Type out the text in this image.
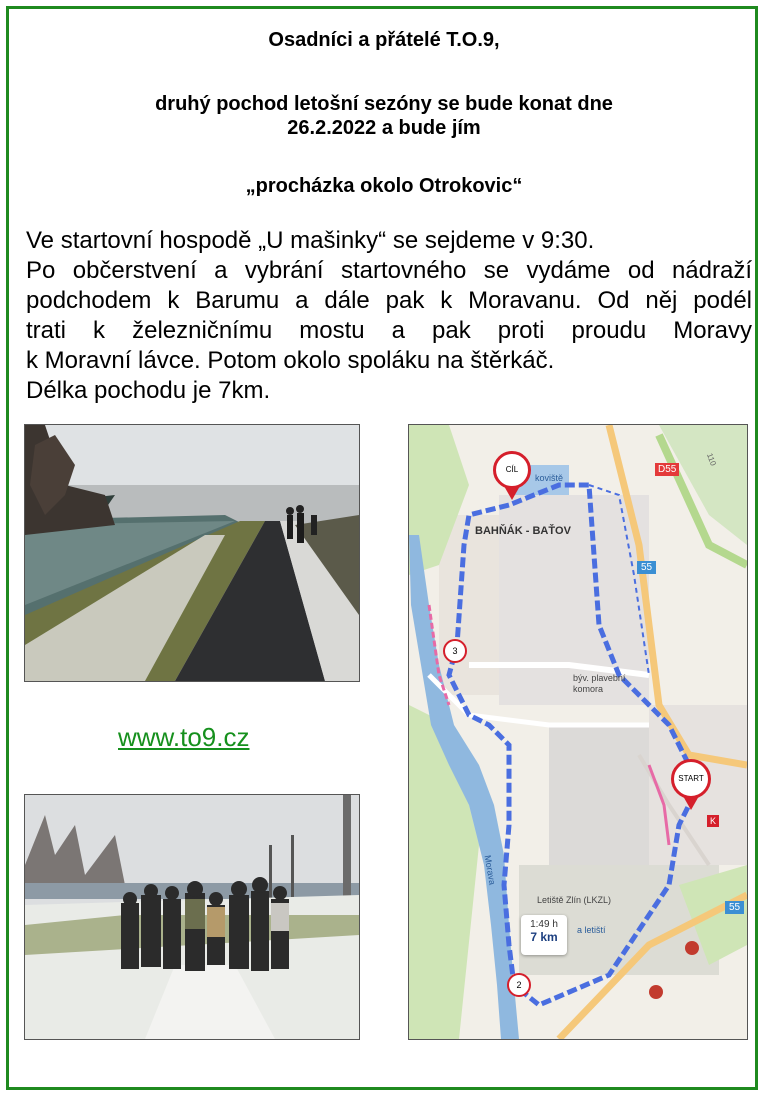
Osadníci a přátelé T.O.9,
druhý pochod letošní sezóny se bude konat dne
26.2.2022 a bude jím
„procházka okolo Otrokovic“

Ve startovní hospodě „U mašinky“ se sejdeme v 9:30.

Po občerstvení a vybrání startovného se vydáme od nádraží

podchodem k Barumu a dále pak k Moravanu. Od něj podél

trati k železničnímu mostu a pak proti proudu Moravy

k Moravní lávce. Potom okolo spoláku na štěrkáč.

Délka pochodu je 7km.

www.to9.cz
BAHŇÁK - BAŤOV
D55
55
55
býv. plavební komora
Letiště Zlín (LKZL)
Morava
koviště
a letiští
110
CÍL
START
3
2
1:49 h
7 km
K
